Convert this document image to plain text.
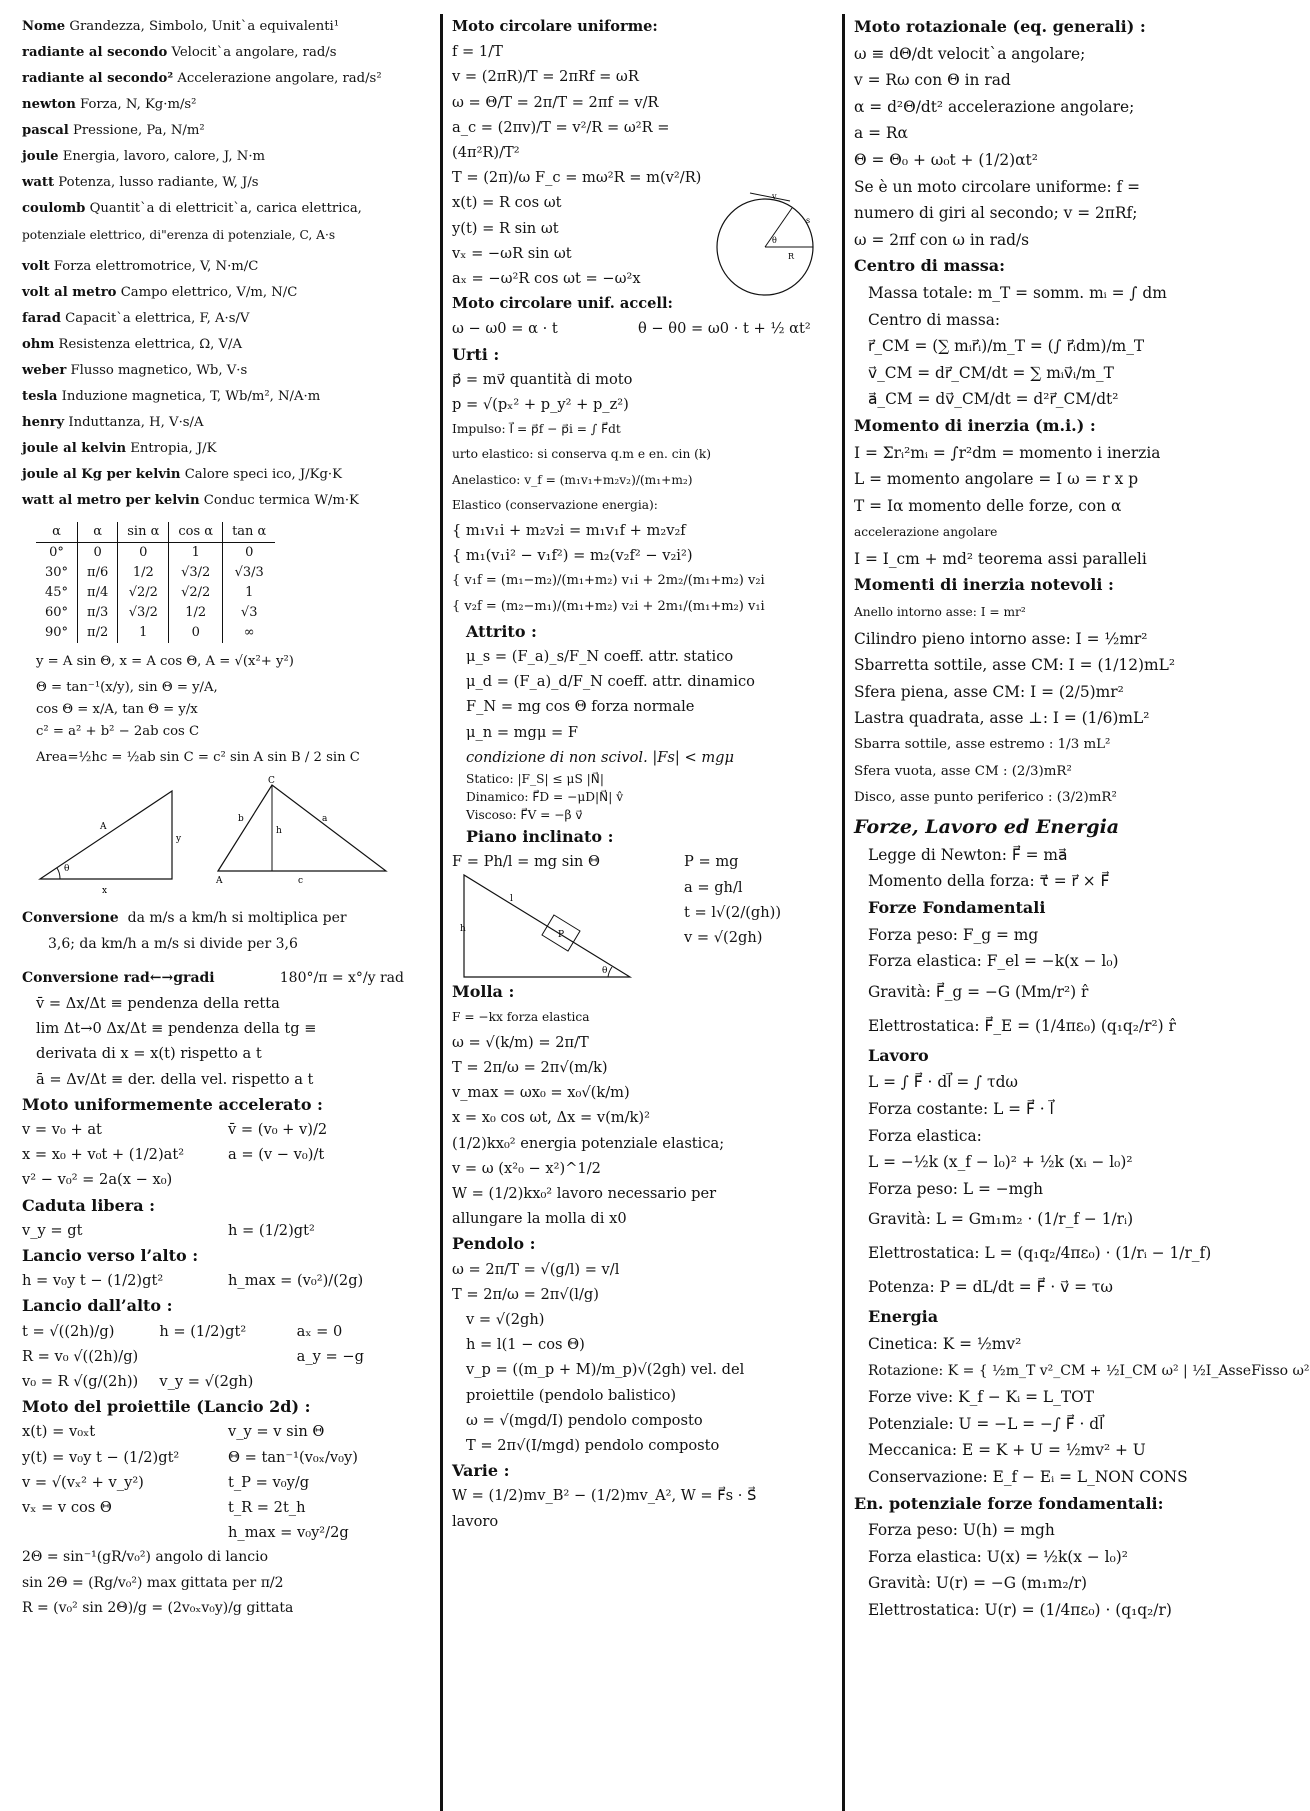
Nome Grandezza, Simbolo, Unit`a equivalenti¹

radiante al secondo Velocit`a angolare, rad/s

radiante al secondo² Accelerazione angolare, rad/s²

newton Forza, N, Kg·m/s²

pascal Pressione, Pa, N/m²

joule Energia, lavoro, calore, J, N·m

watt Potenza, lusso radiante, W, J/s

coulomb Quantit`a di elettricit`a, carica elettrica,

potenziale elettrico, di"erenza di potenziale, C, A·s

volt Forza elettromotrice, V, N·m/C

volt al metro Campo elettrico, V/m, N/C

farad Capacit`a elettrica, F, A·s/V

ohm Resistenza elettrica, Ω, V/A

weber Flusso magnetico, Wb, V·s

tesla Induzione magnetica, T, Wb/m², N/A·m

henry Induttanza, H, V·s/A

joule al kelvin Entropia, J/K

joule al Kg per kelvin Calore speci ico, J/Kg·K

watt al metro per kelvin Conduc termica W/m·K

α	α	sin α	cos α	tan α
0°	0	0	1	0
30°	π/6	1/2	√3/2	√3/3
45°	π/4	√2/2	√2/2	1
60°	π/3	√3/2	1/2	√3
90°	π/2	1	0	∞

y = A sin Θ, x = A cos Θ, A = √(x²+ y²)

Θ = tan⁻¹(x/y), sin Θ = y/A,

cos Θ = x/A, tan Θ = y/x

c² = a² + b² − 2ab cos C

Area=½hc = ½ab sin C = c² sin A sin B / 2 sin C

θ
A
y
x
C
b	a
h
A	c

Conversione da m/s a km/h si moltiplica per

3,6; da km/h a m/s si divide per 3,6

Conversione rad←→gradi	180°/π = x°/y rad

v̄ = Δx/Δt ≡ pendenza della retta

lim Δt→0 Δx/Δt ≡ pendenza della tg ≡

derivata di x = x(t) rispetto a t

ā = Δv/Δt ≡ der. della vel. rispetto a t

Moto uniformemente accelerato :

v = v₀ + at	v̄ = (v₀ + v)/2

x = x₀ + v₀t + (1/2)at²	a = (v − v₀)/t

v² − v₀² = 2a(x − x₀)

Caduta libera :

v_y = gt	h = (1/2)gt²

Lancio verso l’alto :

h = v₀y t − (1/2)gt²	h_max = (v₀²)/(2g)

Lancio dall’alto :

t = √((2h)/g)	h = (1/2)gt²	aₓ = 0

R = v₀ √((2h)/g)	a_y = −g

v₀ = R √(g/(2h))	v_y = √(2gh)

Moto del proiettile (Lancio 2d) :

x(t) = v₀ₓt	v_y = v sin Θ

y(t) = v₀y t − (1/2)gt²	Θ = tan⁻¹(v₀ₓ/v₀y)

v = √(vₓ² + v_y²)	t_P = v₀y/g

vₓ = v cos Θ	t_R = 2t_h

h_max = v₀y²/2g

2Θ = sin⁻¹(gR/v₀²) angolo di lancio

sin 2Θ = (Rg/v₀²) max gittata per π/2

R = (v₀² sin 2Θ)/g = (2v₀ₓv₀y)/g gittata

Moto circolare uniforme:

f = 1/T

v = (2πR)/T = 2πRf = ωR

ω = Θ/T = 2π/T = 2πf = v/R

a_c = (2πv)/T = v²/R = ω²R =

(4π²R)/T²

T = (2π)/ω F_c = mω²R = m(v²/R)

x(t) = R cos ωt

y(t) = R sin ωt

vₓ = −ωR sin ωt

aₓ = −ω²R cos ωt = −ω²x

v
s
θ
R

Moto circolare unif. accell:

ω − ω0 = α · t	θ − θ0 = ω0 · t + ½ αt²

Urti :

p⃗ = mv⃗ quantità di moto

p = √(pₓ² + p_y² + p_z²)

Impulso: I⃗ = p⃗f − p⃗i = ∫ F⃗dt

urto elastico: si conserva q.m e en. cin (k)

Anelastico: v_f = (m₁v₁+m₂v₂)/(m₁+m₂)

Elastico (conservazione energia):

{ m₁v₁i + m₂v₂i = m₁v₁f + m₂v₂f

{ m₁(v₁i² − v₁f²) = m₂(v₂f² − v₂i²)

{ v₁f = (m₁−m₂)/(m₁+m₂) v₁i + 2m₂/(m₁+m₂) v₂i

{ v₂f = (m₂−m₁)/(m₁+m₂) v₂i + 2m₁/(m₁+m₂) v₁i

Attrito :

μ_s = (F_a)_s/F_N coeff. attr. statico

μ_d = (F_a)_d/F_N coeff. attr. dinamico

F_N = mg cos Θ forza normale

μ_n = mgμ = F

condizione di non scivol. |Fs| < mgμ

Statico: |F_S| ≤ μS |N⃗|

Dinamico: F⃗D = −μD|N⃗| v̂

Viscoso: F⃗V = −β v⃗

Piano inclinato :

F = Ph/l = mg sin Θ

l
P
h
θ

P = mg

a = gh/l

t = l√(2/(gh))

v = √(2gh)

Molla :

F = −kx forza elastica

ω = √(k/m) = 2π/T

T = 2π/ω = 2π√(m/k)

v_max = ωx₀ = x₀√(k/m)

x = x₀ cos ωt, Δx = v(m/k)²

(1/2)kx₀² energia potenziale elastica;

v = ω (x²₀ − x²)^1/2

W = (1/2)kx₀² lavoro necessario per

allungare la molla di x0

Pendolo :

ω = 2π/T = √(g/l) = v/l

T = 2π/ω = 2π√(l/g)

v = √(2gh)

h = l(1 − cos Θ)

v_p = ((m_p + M)/m_p)√(2gh) vel. del

proiettile (pendolo balistico)

ω = √(mgd/I) pendolo composto

T = 2π√(I/mgd) pendolo composto

Varie :

W = (1/2)mv_B² − (1/2)mv_A², W = F⃗s · S⃗

lavoro

Moto rotazionale (eq. generali) :

ω ≡ dΘ/dt velocit`a angolare;

v = Rω con Θ in rad

α = d²Θ/dt² accelerazione angolare;

a = Rα

Θ = Θ₀ + ω₀t + (1/2)αt²

Se è un moto circolare uniforme: f =

numero di giri al secondo; v = 2πRf;

ω = 2πf con ω in rad/s

Centro di massa:

Massa totale: m_T = somm. mᵢ = ∫ dm

Centro di massa:

r⃗_CM = (∑ mᵢr⃗ᵢ)/m_T = (∫ r⃗ᵢdm)/m_T

v⃗_CM = dr⃗_CM/dt = ∑ mᵢv⃗ᵢ/m_T

a⃗_CM = dv⃗_CM/dt = d²r⃗_CM/dt²

Momento di inerzia (m.i.) :

I = Σrᵢ²mᵢ = ∫r²dm = momento i inerzia

L = momento angolare = I ω = r x p

T = Iα momento delle forze, con α

accelerazione angolare

I = I_cm + md² teorema assi paralleli

Momenti di inerzia notevoli :

Anello intorno asse: I = mr²

Cilindro pieno intorno asse: I = ½mr²

Sbarretta sottile, asse CM: I = (1/12)mL²

Sfera piena, asse CM: I = (2/5)mr²

Lastra quadrata, asse ⊥: I = (1/6)mL²

Sbarra sottile, asse estremo : 1/3 mL²

Sfera vuota, asse CM : (2/3)mR²

Disco, asse punto periferico : (3/2)mR²

Forze, Lavoro ed Energia

Legge di Newton: F⃗ = ma⃗

Momento della forza: τ⃗ = r⃗ × F⃗

Forze Fondamentali

Forza peso: F_g = mg

Forza elastica: F_el = −k(x − l₀)

Gravità: F⃗_g = −G (Mm/r²) r̂

Elettrostatica: F⃗_E = (1/4πε₀) (q₁q₂/r²) r̂

Lavoro

L = ∫ F⃗ · dl⃗ = ∫ τdω

Forza costante: L = F⃗ · l⃗

Forza elastica:

L = −½k (x_f − l₀)² + ½k (xᵢ − l₀)²

Forza peso: L = −mgh

Gravità: L = Gm₁m₂ · (1/r_f − 1/rᵢ)

Elettrostatica: L = (q₁q₂/4πε₀) · (1/rᵢ − 1/r_f)

Potenza: P = dL/dt = F⃗ · v⃗ = τω

Energia

Cinetica: K = ½mv²

Rotazione: K = { ½m_T v²_CM + ½I_CM ω² | ½I_AsseFisso ω²

Forze vive: K_f − Kᵢ = L_TOT

Potenziale: U = −L = −∫ F⃗ · dl⃗

Meccanica: E = K + U = ½mv² + U

Conservazione: E_f − Eᵢ = L_NON CONS

En. potenziale forze fondamentali:

Forza peso: U(h) = mgh

Forza elastica: U(x) = ½k(x − l₀)²

Gravità: U(r) = −G (m₁m₂/r)

Elettrostatica: U(r) = (1/4πε₀) · (q₁q₂/r)
